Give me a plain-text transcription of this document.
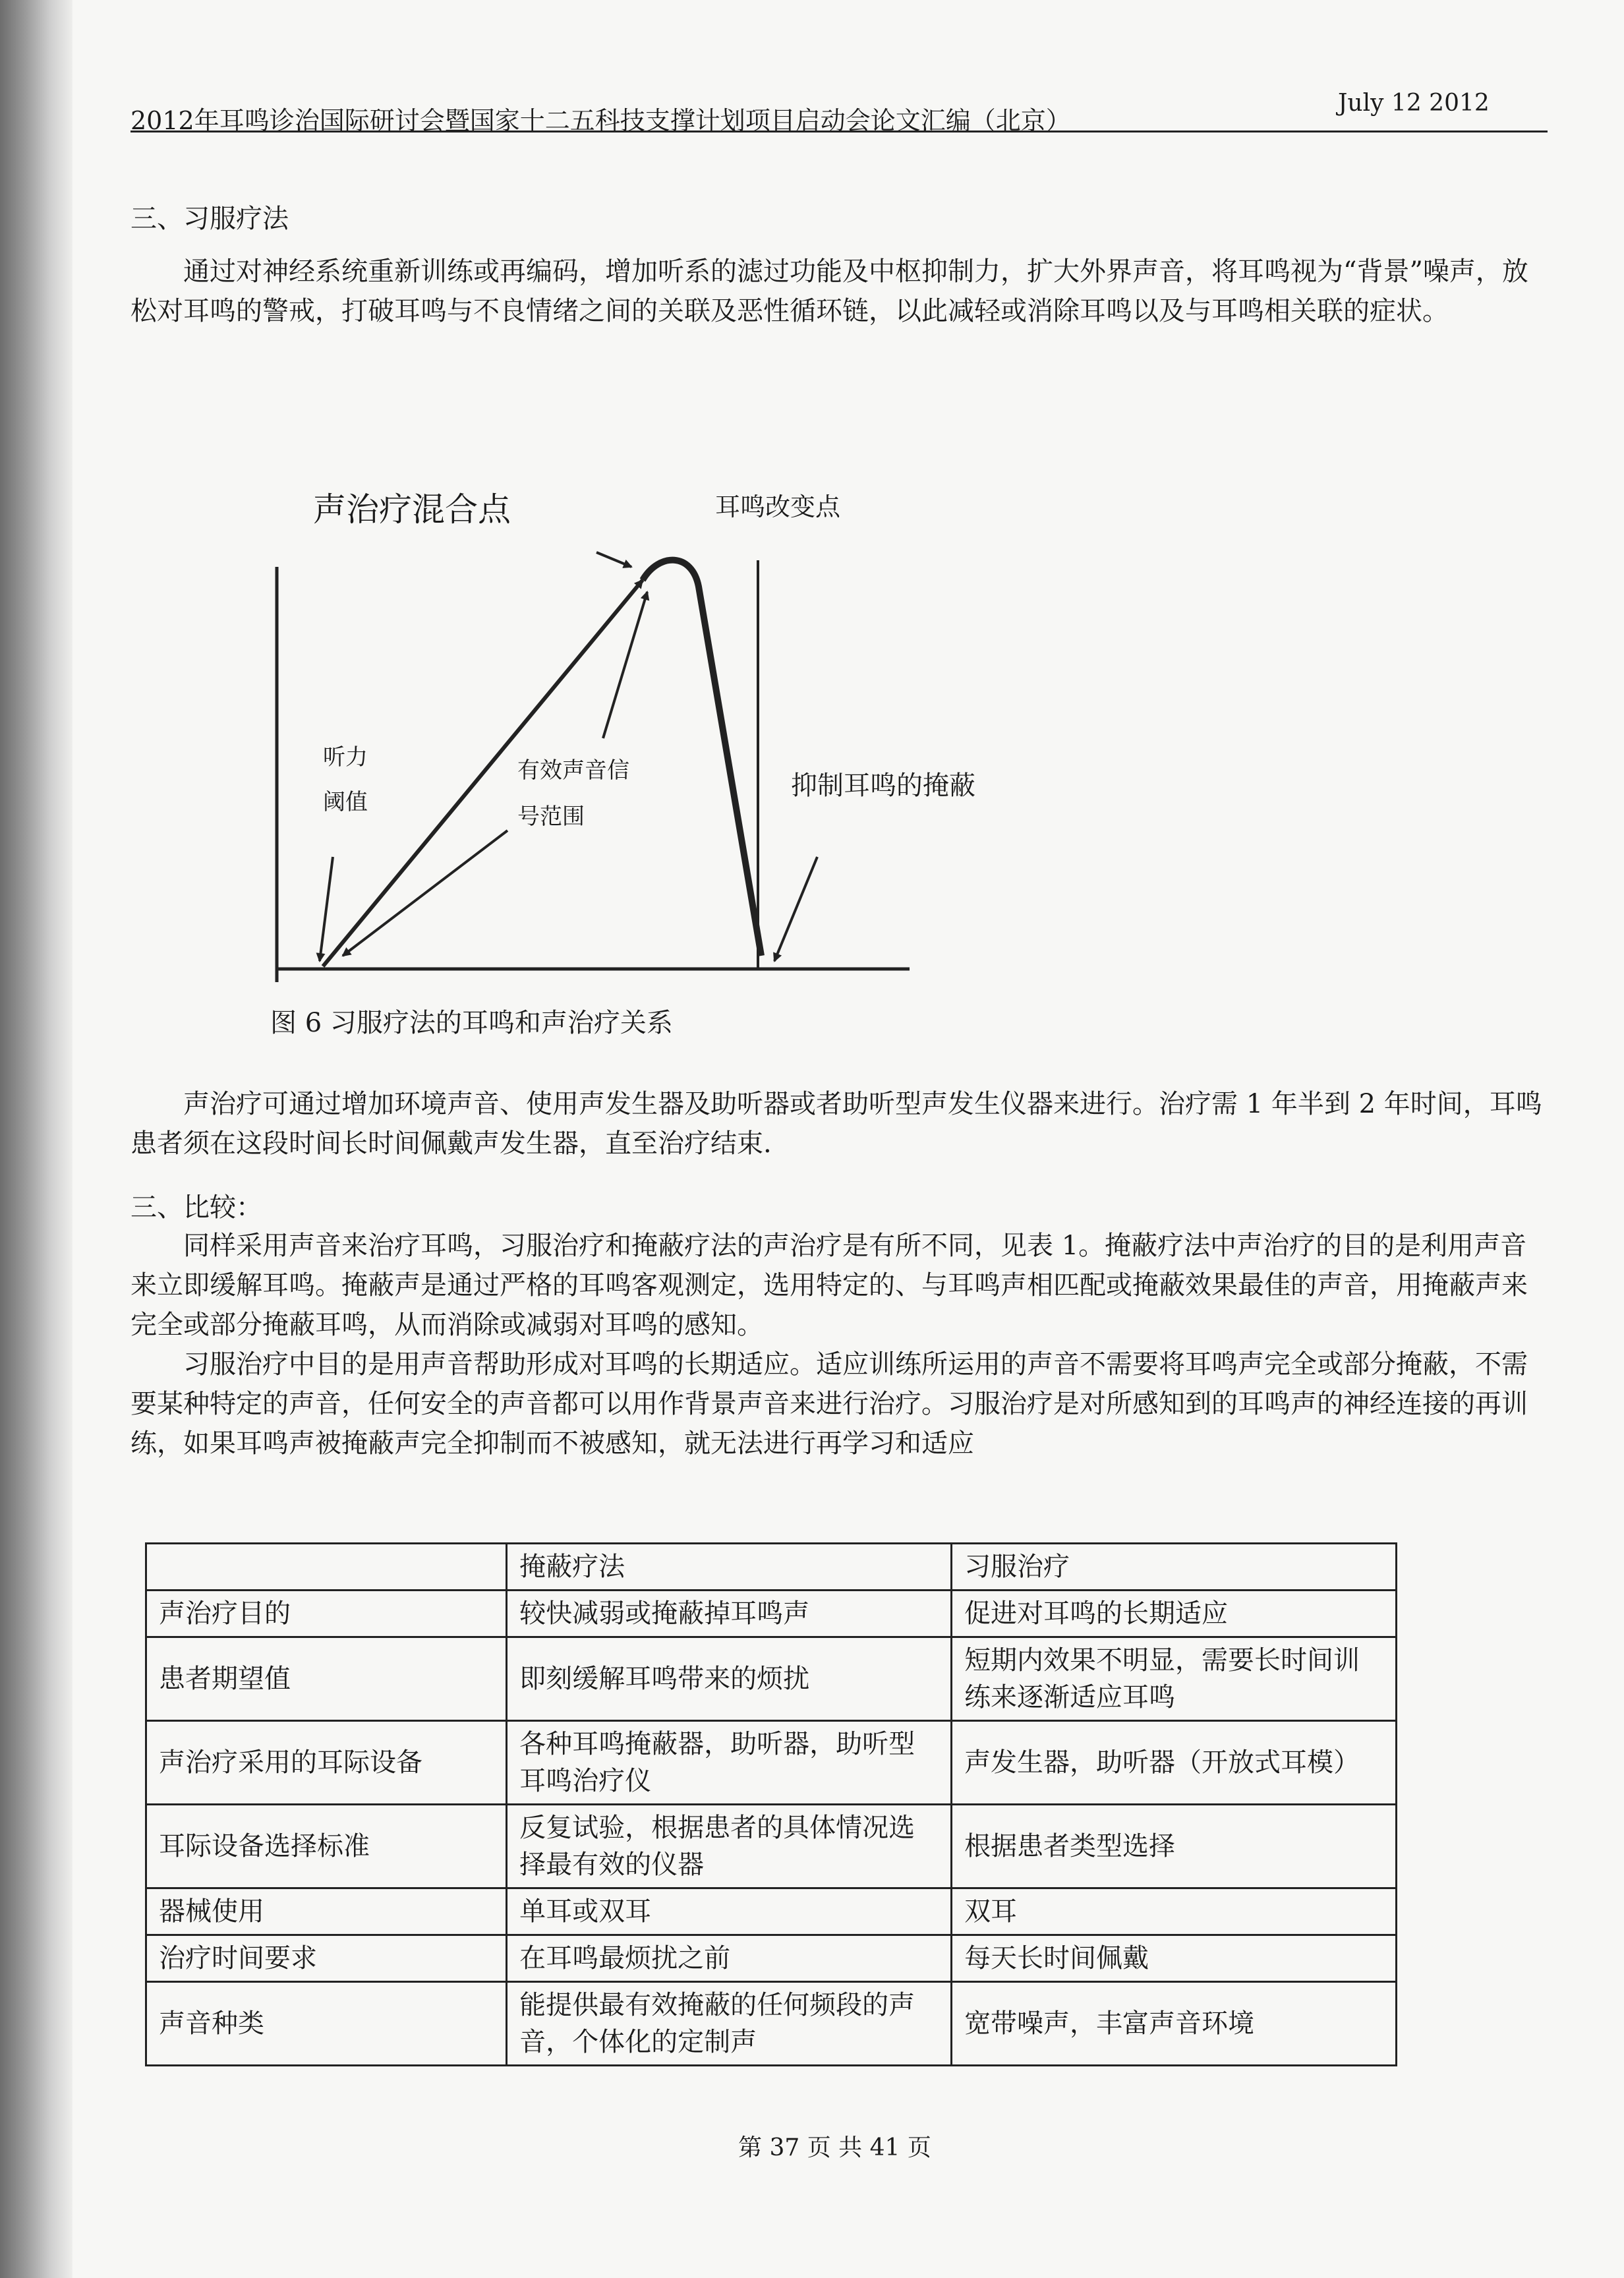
2012年耳鸣诊治国际研讨会暨国家十二五科技支撑计划项目启动会论文汇编（北京）
July 12 2012
三、习服疗法
通过对神经系统重新训练或再编码，增加听系的滤过功能及中枢抑制力，扩大外界声音，将耳鸣视为“背景”噪声，放松对耳鸣的警戒，打破耳鸣与不良情绪之间的关联及恶性循环链，以此减轻或消除耳鸣以及与耳鸣相关联的症状。
声治疗混合点	耳鸣改变点
听力
阈值
有效声音信
号范围
抑制耳鸣的掩蔽
图 6 习服疗法的耳鸣和声治疗关系
声治疗可通过增加环境声音、使用声发生器及助听器或者助听型声发生仪器来进行。治疗需 1 年半到 2 年时间，耳鸣患者须在这段时间长时间佩戴声发生器，直至治疗结束.
三、比较：
同样采用声音来治疗耳鸣，习服治疗和掩蔽疗法的声治疗是有所不同，见表 1。掩蔽疗法中声治疗的目的是利用声音来立即缓解耳鸣。掩蔽声是通过严格的耳鸣客观测定，选用特定的、与耳鸣声相匹配或掩蔽效果最佳的声音，用掩蔽声来完全或部分掩蔽耳鸣，从而消除或减弱对耳鸣的感知。
习服治疗中目的是用声音帮助形成对耳鸣的长期适应。适应训练所运用的声音不需要将耳鸣声完全或部分掩蔽，不需要某种特定的声音，任何安全的声音都可以用作背景声音来进行治疗。习服治疗是对所感知到的耳鸣声的神经连接的再训练，如果耳鸣声被掩蔽声完全抑制而不被感知，就无法进行再学习和适应
	掩蔽疗法	习服治疗
声治疗目的	较快减弱或掩蔽掉耳鸣声	促进对耳鸣的长期适应
患者期望值	即刻缓解耳鸣带来的烦扰	短期内效果不明显，需要长时间训练来逐渐适应耳鸣
声治疗采用的耳际设备	各种耳鸣掩蔽器，助听器，助听型耳鸣治疗仪	声发生器，助听器（开放式耳模）
耳际设备选择标准	反复试验，根据患者的具体情况选择最有效的仪器	根据患者类型选择
器械使用	单耳或双耳	双耳
治疗时间要求	在耳鸣最烦扰之前	每天长时间佩戴
声音种类	能提供最有效掩蔽的任何频段的声音，个体化的定制声	宽带噪声，丰富声音环境
第 37 页 共 41 页
